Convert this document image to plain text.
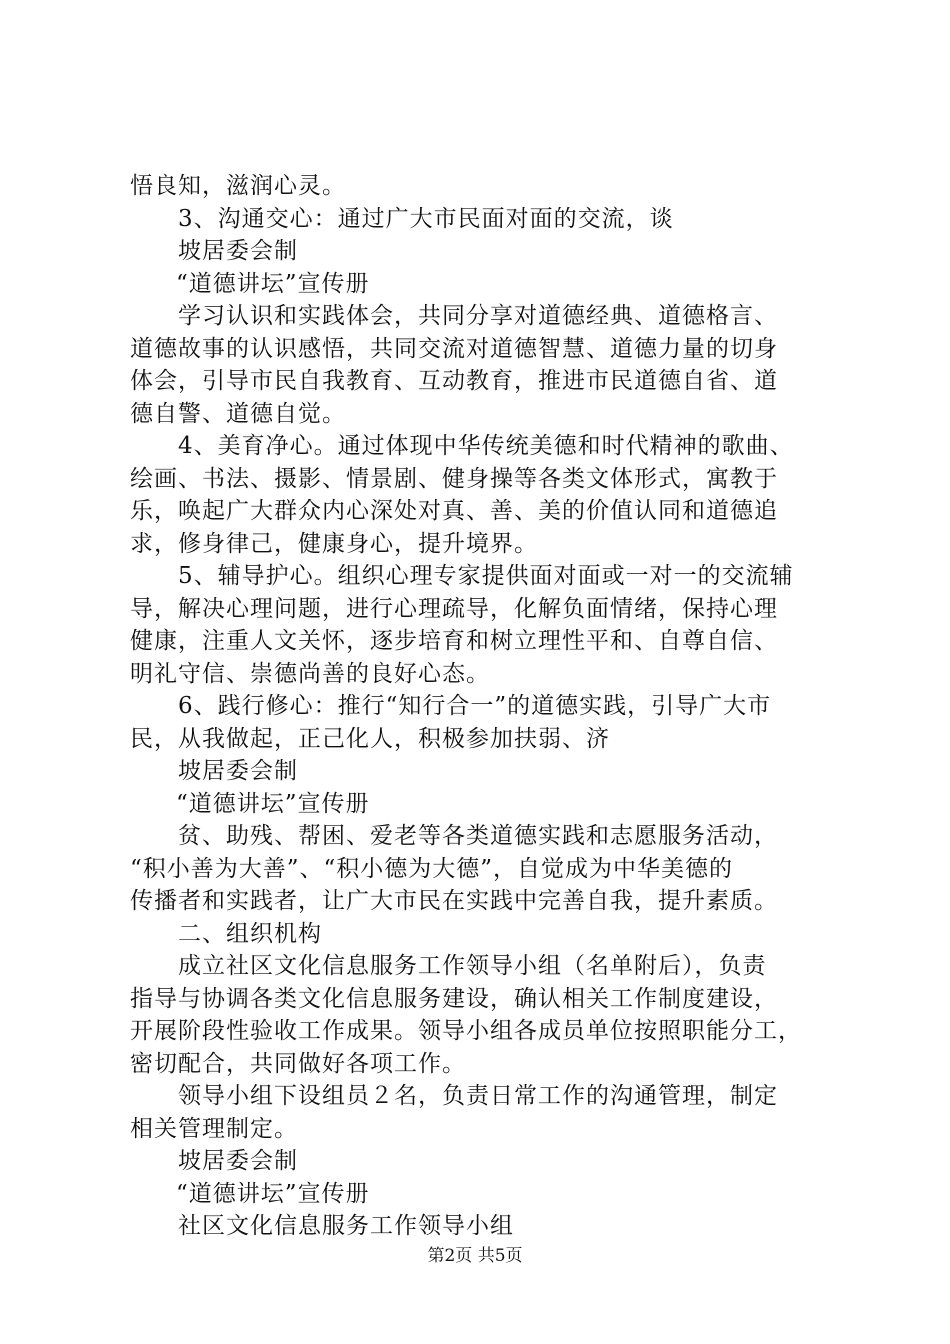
悟良知，滋润心灵。
3、沟通交心：通过广大市民面对面的交流，谈
坡居委会制
“道德讲坛”宣传册
学习认识和实践体会，共同分享对道德经典、道德格言、
道德故事的认识感悟，共同交流对道德智慧、道德力量的切身
体会，引导市民自我教育、互动教育，推进市民道德自省、道
德自警、道德自觉。
4、美育净心。通过体现中华传统美德和时代精神的歌曲、
绘画、书法、摄影、情景剧、健身操等各类文体形式，寓教于
乐，唤起广大群众内心深处对真、善、美的价值认同和道德追
求，修身律己，健康身心，提升境界。
5、辅导护心。组织心理专家提供面对面或一对一的交流辅
导，解决心理问题，进行心理疏导，化解负面情绪，保持心理
健康，注重人文关怀，逐步培育和树立理性平和、自尊自信、
明礼守信、崇德尚善的良好心态。
6、践行修心：推行“知行合一”的道德实践，引导广大市
民，从我做起，正己化人，积极参加扶弱、济
坡居委会制
“道德讲坛”宣传册
贫、助残、帮困、爱老等各类道德实践和志愿服务活动，
“积小善为大善”、“积小德为大德”，自觉成为中华美德的
传播者和实践者，让广大市民在实践中完善自我，提升素质。
二、组织机构
成立社区文化信息服务工作领导小组（名单附后），负责
指导与协调各类文化信息服务建设，确认相关工作制度建设，
开展阶段性验收工作成果。领导小组各成员单位按照职能分工，
密切配合，共同做好各项工作。
领导小组下设组员２名，负责日常工作的沟通管理，制定
相关管理制定。
坡居委会制
“道德讲坛”宣传册
社区文化信息服务工作领导小组
第2页 共5页
